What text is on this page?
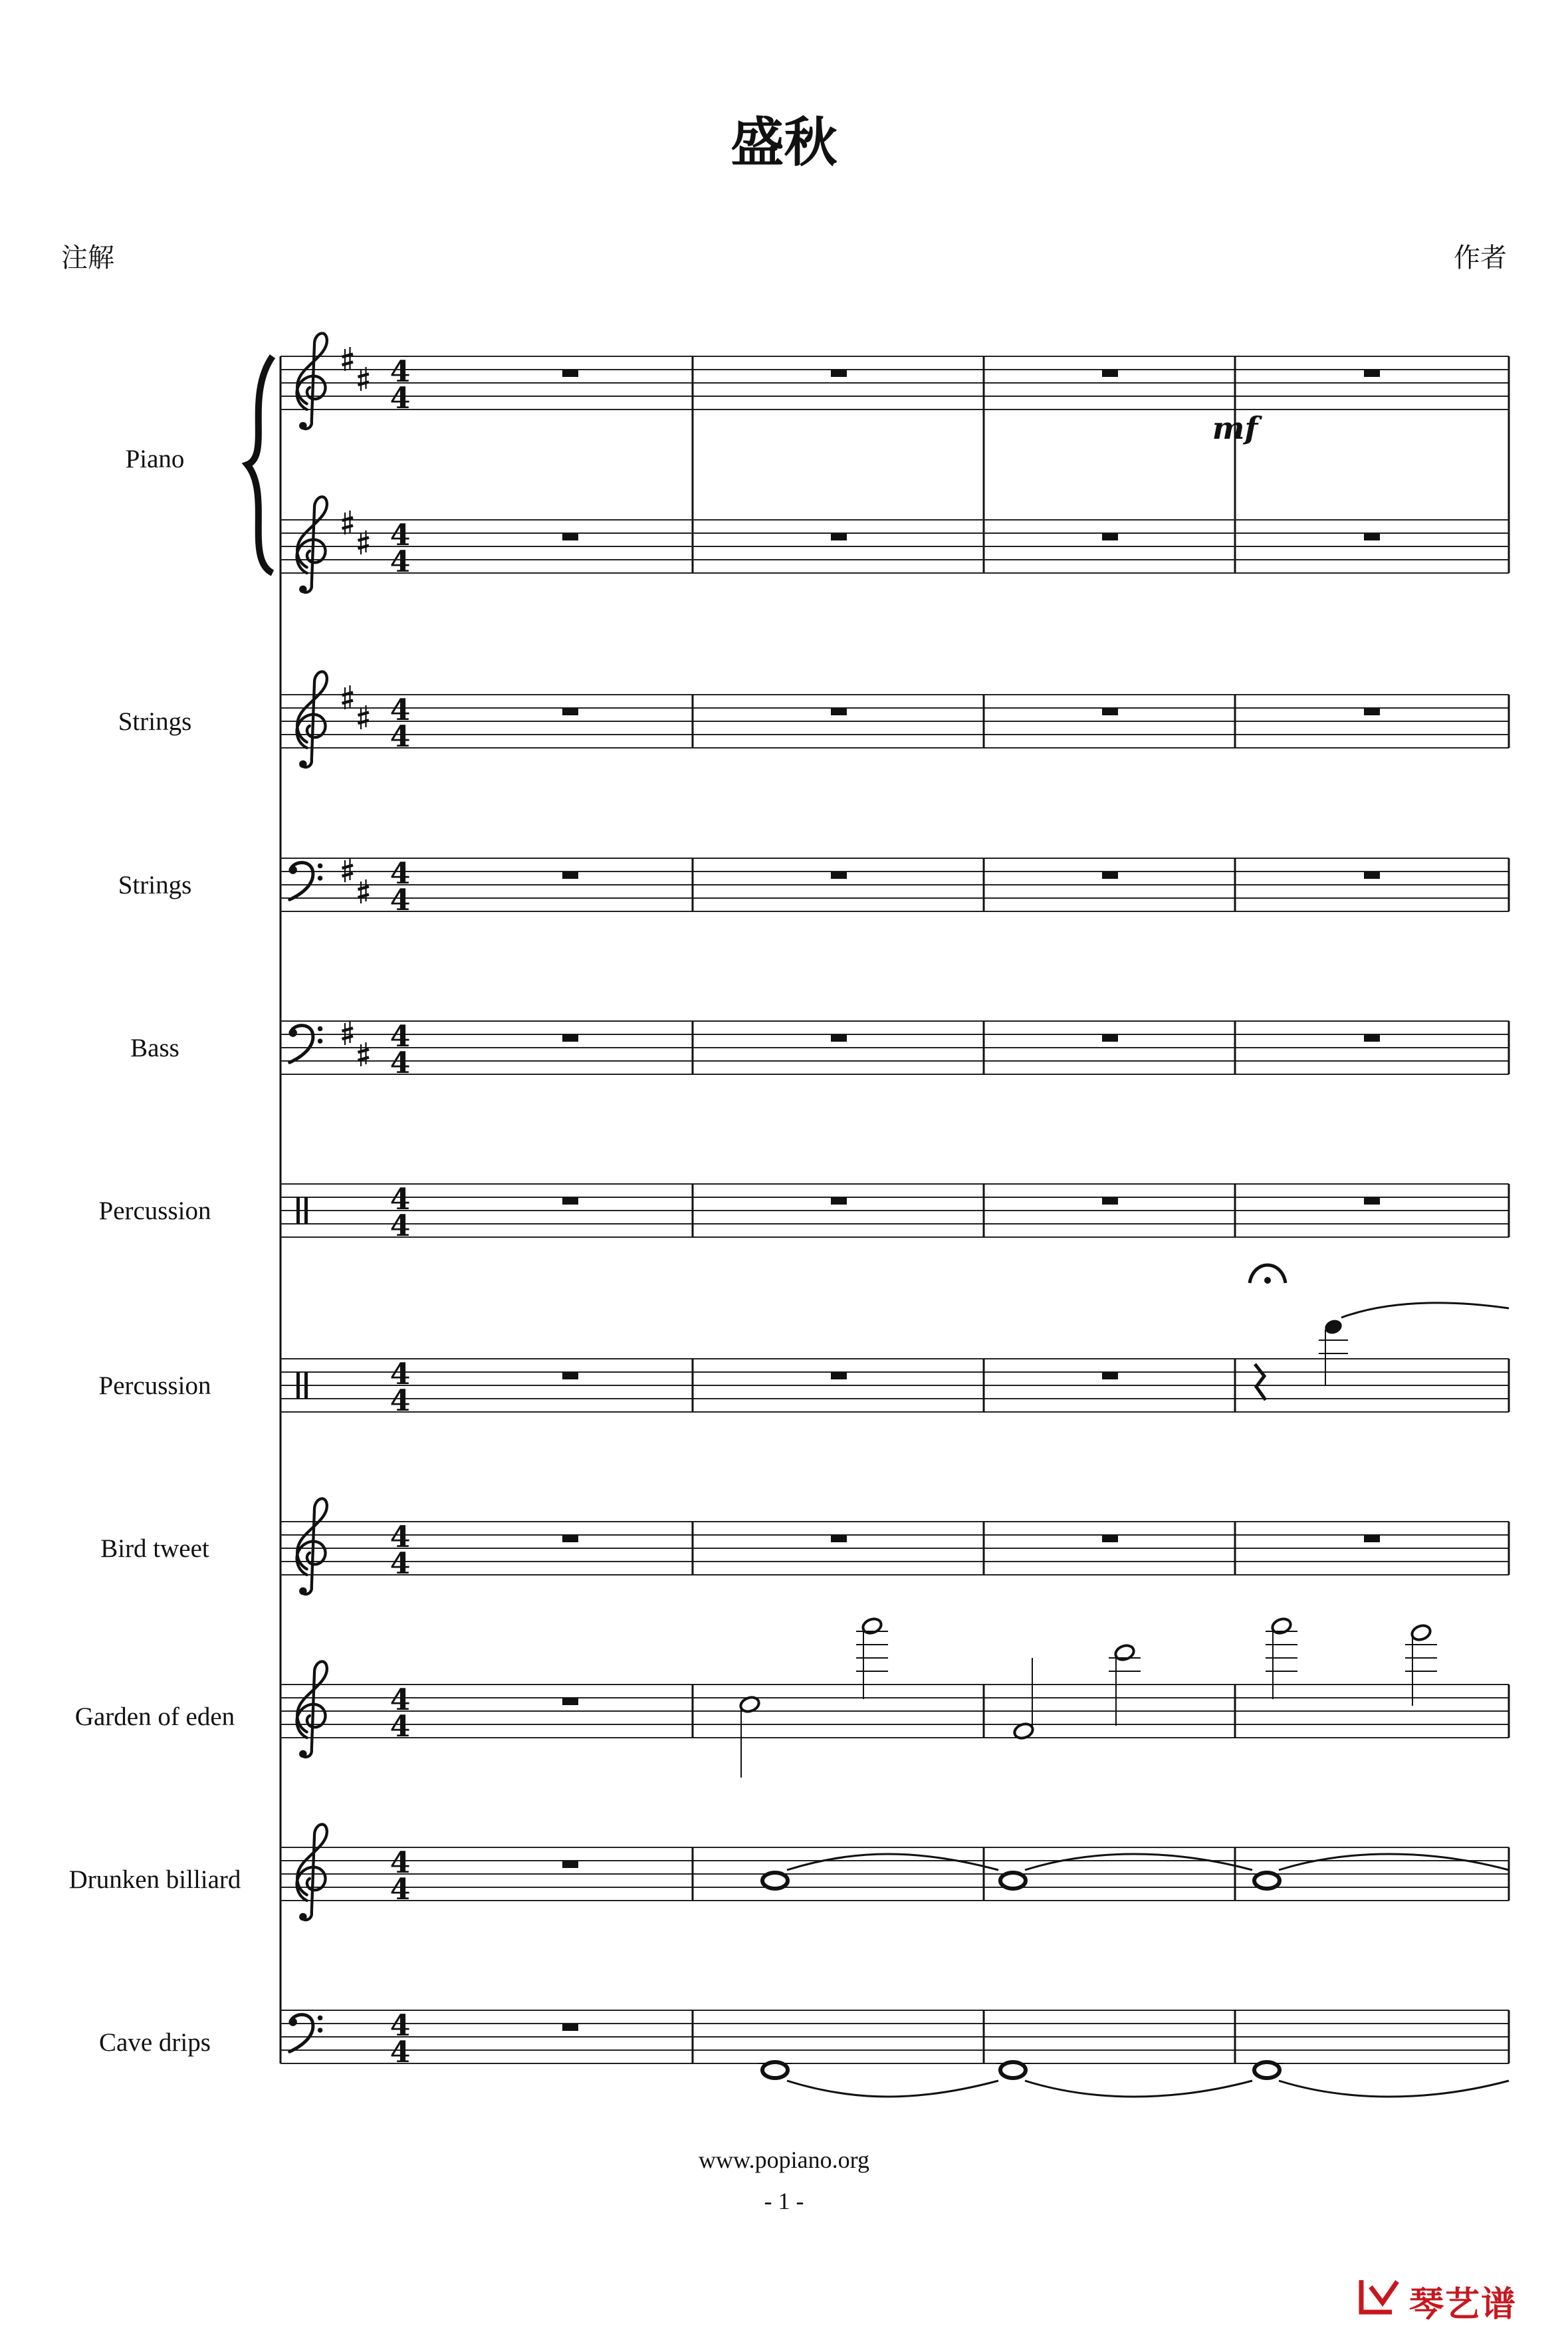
盛秋
注解	作者
Piano
Strings
Strings
Bass
Percussion
Percussion
Bird tweet
Garden of eden
Drunken billiard
Cave drips
4
4
4
4
4
4
4
4
4
4
4
4
4
4
4
4
4
4
4
4
4
4
mf
www.popiano.org
- 1 -
琴艺谱
